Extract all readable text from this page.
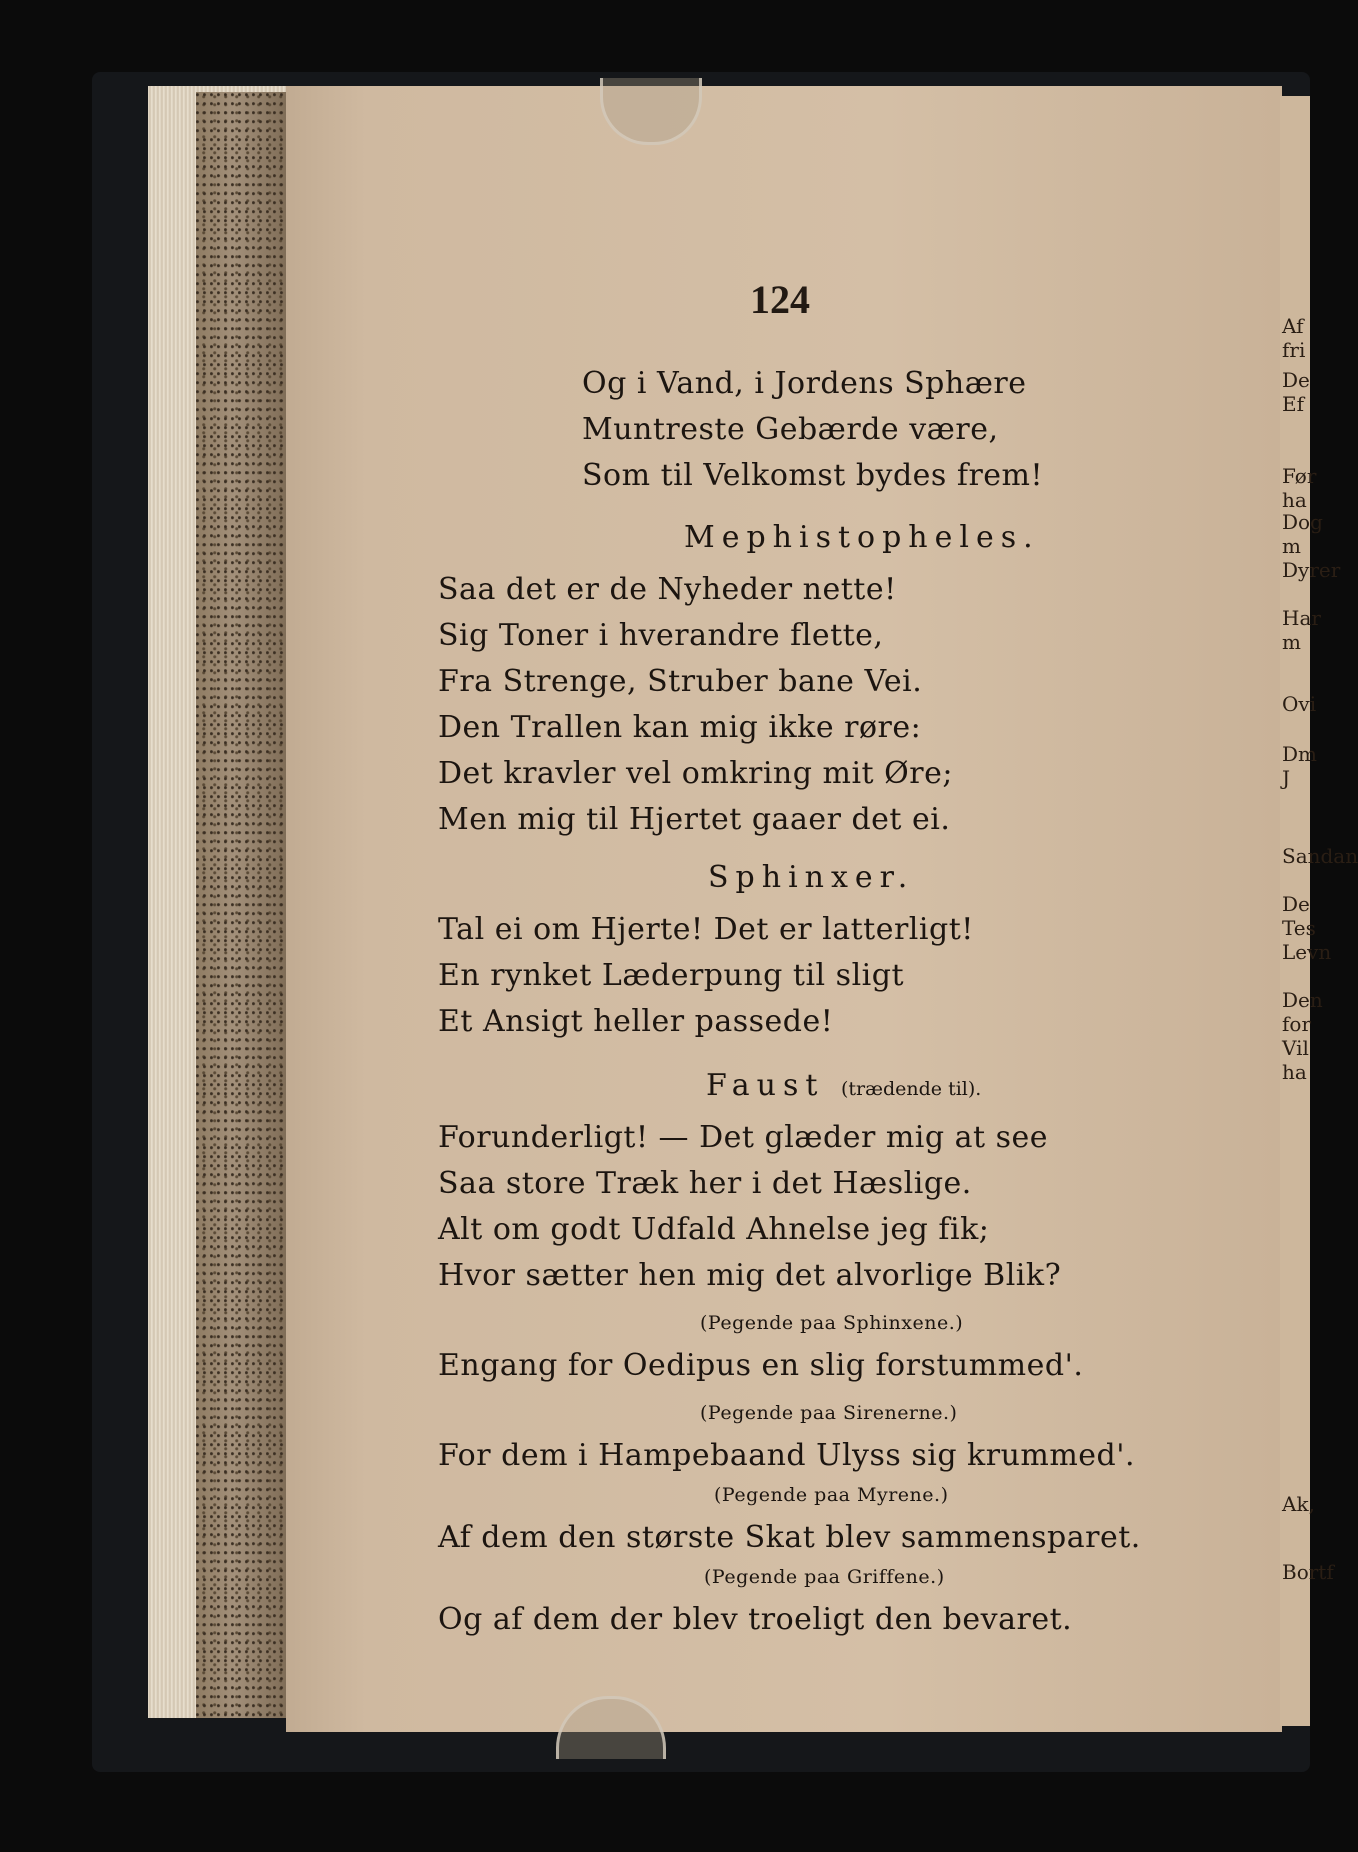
124
Og i Vand, i Jordens Sphære
Muntreste Gebærde være,
Som til Velkomst bydes frem!
Mephistopheles.
Saa det er de Nyheder nette!
Sig Toner i hverandre flette,
Fra Strenge, Struber bane Vei.
Den Trallen kan mig ikke røre:
Det kravler vel omkring mit Øre;
Men mig til Hjertet gaaer det ei.
Sphinxer.
Tal ei om Hjerte! Det er latterligt!
En rynket Læderpung til sligt
Et Ansigt heller passede!
Faust (trædende til).
Forunderligt! — Det glæder mig at see
Saa store Træk her i det Hæslige.
Alt om godt Udfald Ahnelse jeg fik;
Hvor sætter hen mig det alvorlige Blik?
(Pegende paa Sphinxene.)
Engang for Oedipus en slig forstummed'.
(Pegende paa Sirenerne.)
For dem i Hampebaand Ulyss sig krummed'.
(Pegende paa Myrene.)
Af dem den største Skat blev sammensparet.
(Pegende paa Griffene.)
Og af dem der blev troeligt den bevaret.
Af fri
De Ef
Før ha
Dog m
Dyrer
Har m
Ovi
Dm J
Sandan
De Tes
Levn
Den for
Vil ha
Ak,
Bortf
